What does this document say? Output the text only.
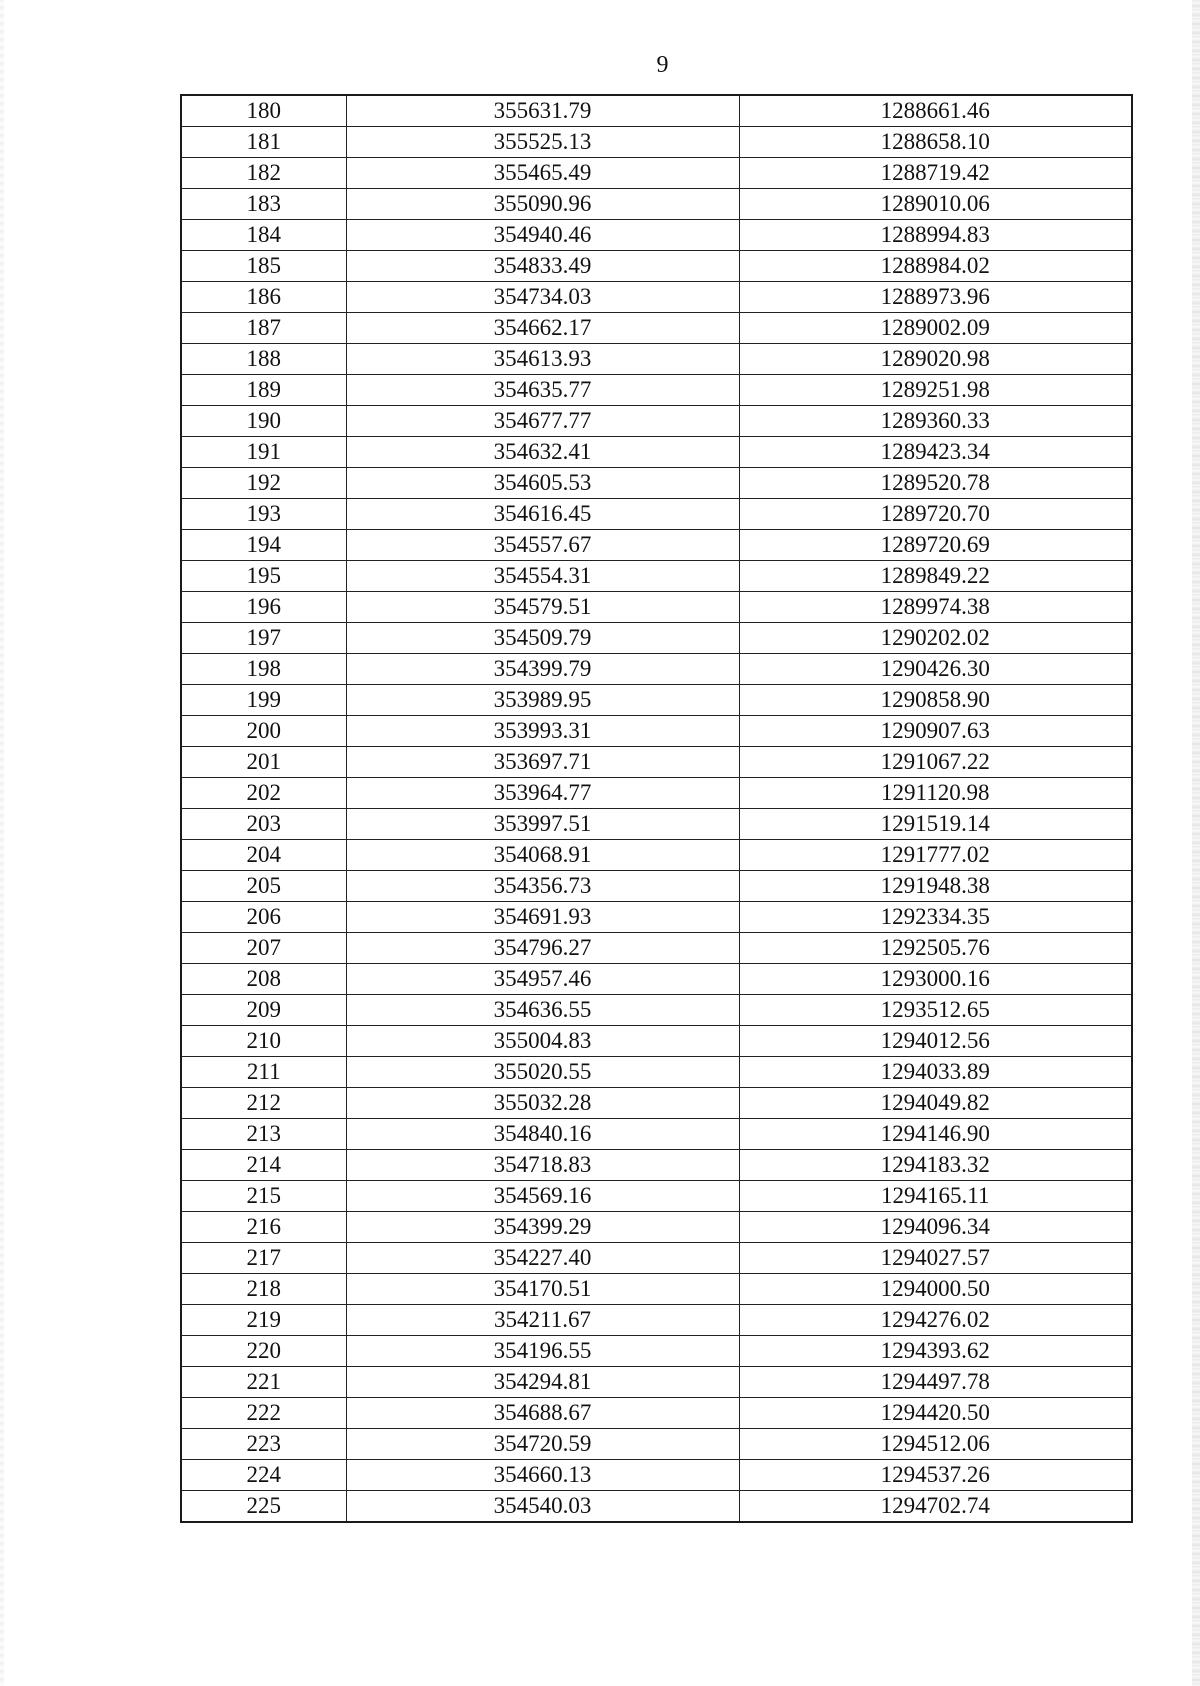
9
180	355631.79	1288661.46
181	355525.13	1288658.10
182	355465.49	1288719.42
183	355090.96	1289010.06
184	354940.46	1288994.83
185	354833.49	1288984.02
186	354734.03	1288973.96
187	354662.17	1289002.09
188	354613.93	1289020.98
189	354635.77	1289251.98
190	354677.77	1289360.33
191	354632.41	1289423.34
192	354605.53	1289520.78
193	354616.45	1289720.70
194	354557.67	1289720.69
195	354554.31	1289849.22
196	354579.51	1289974.38
197	354509.79	1290202.02
198	354399.79	1290426.30
199	353989.95	1290858.90
200	353993.31	1290907.63
201	353697.71	1291067.22
202	353964.77	1291120.98
203	353997.51	1291519.14
204	354068.91	1291777.02
205	354356.73	1291948.38
206	354691.93	1292334.35
207	354796.27	1292505.76
208	354957.46	1293000.16
209	354636.55	1293512.65
210	355004.83	1294012.56
211	355020.55	1294033.89
212	355032.28	1294049.82
213	354840.16	1294146.90
214	354718.83	1294183.32
215	354569.16	1294165.11
216	354399.29	1294096.34
217	354227.40	1294027.57
218	354170.51	1294000.50
219	354211.67	1294276.02
220	354196.55	1294393.62
221	354294.81	1294497.78
222	354688.67	1294420.50
223	354720.59	1294512.06
224	354660.13	1294537.26
225	354540.03	1294702.74
